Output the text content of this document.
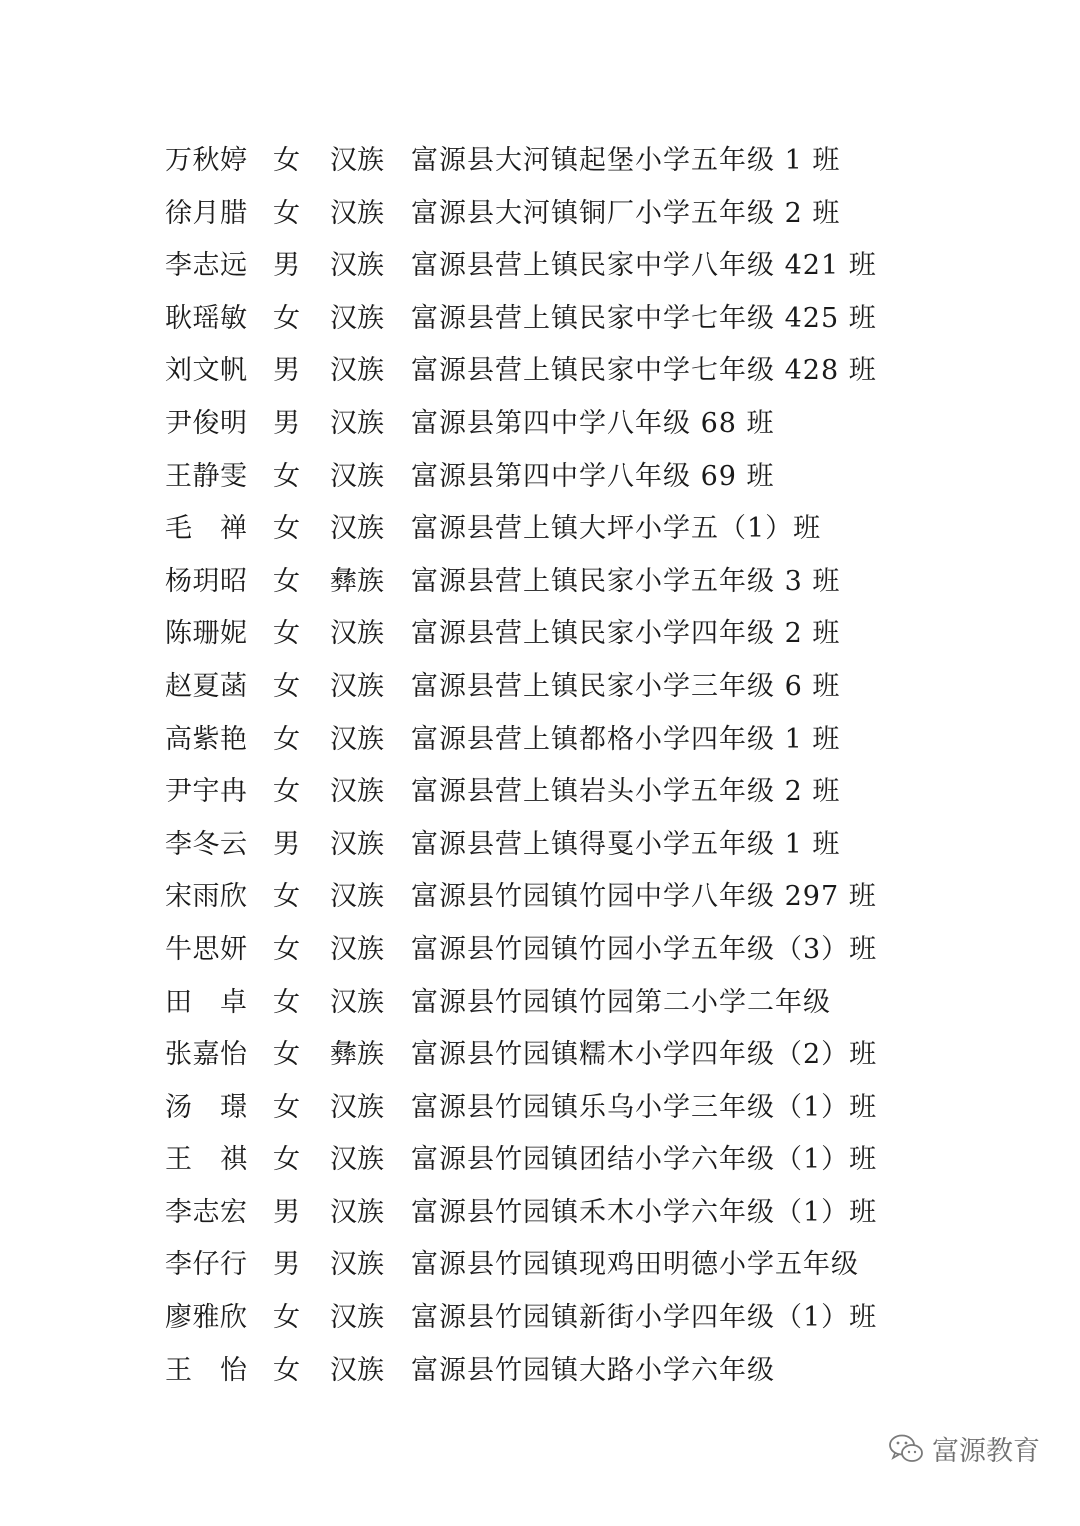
万秋婷 女 汉族 富源县大河镇起堡小学五年级 1 班
徐月腊 女 汉族 富源县大河镇铜厂小学五年级 2 班
李志远 男 汉族 富源县营上镇民家中学八年级 421 班
耿瑶敏 女 汉族 富源县营上镇民家中学七年级 425 班
刘文帆 男 汉族 富源县营上镇民家中学七年级 428 班
尹俊明 男 汉族 富源县第四中学八年级 68 班
王静雯 女 汉族 富源县第四中学八年级 69 班
毛 禅 女 汉族 富源县营上镇大坪小学五（1）班
杨玥昭 女 彝族 富源县营上镇民家小学五年级 3 班
陈珊妮 女 汉族 富源县营上镇民家小学四年级 2 班
赵夏菡 女 汉族 富源县营上镇民家小学三年级 6 班
高紫艳 女 汉族 富源县营上镇都格小学四年级 1 班
尹宇冉 女 汉族 富源县营上镇岩头小学五年级 2 班
李冬云 男 汉族 富源县营上镇得戛小学五年级 1 班
宋雨欣 女 汉族 富源县竹园镇竹园中学八年级 297 班
牛思妍 女 汉族 富源县竹园镇竹园小学五年级（3）班
田 卓 女 汉族 富源县竹园镇竹园第二小学二年级
张嘉怡 女 彝族 富源县竹园镇糯木小学四年级（2）班
汤 璟 女 汉族 富源县竹园镇乐乌小学三年级（1）班
王 祺 女 汉族 富源县竹园镇团结小学六年级（1）班
李志宏 男 汉族 富源县竹园镇禾木小学六年级（1）班
李仔行 男 汉族 富源县竹园镇现鸡田明德小学五年级
廖雅欣 女 汉族 富源县竹园镇新街小学四年级（1）班
王 怡 女 汉族 富源县竹园镇大路小学六年级
富源教育
